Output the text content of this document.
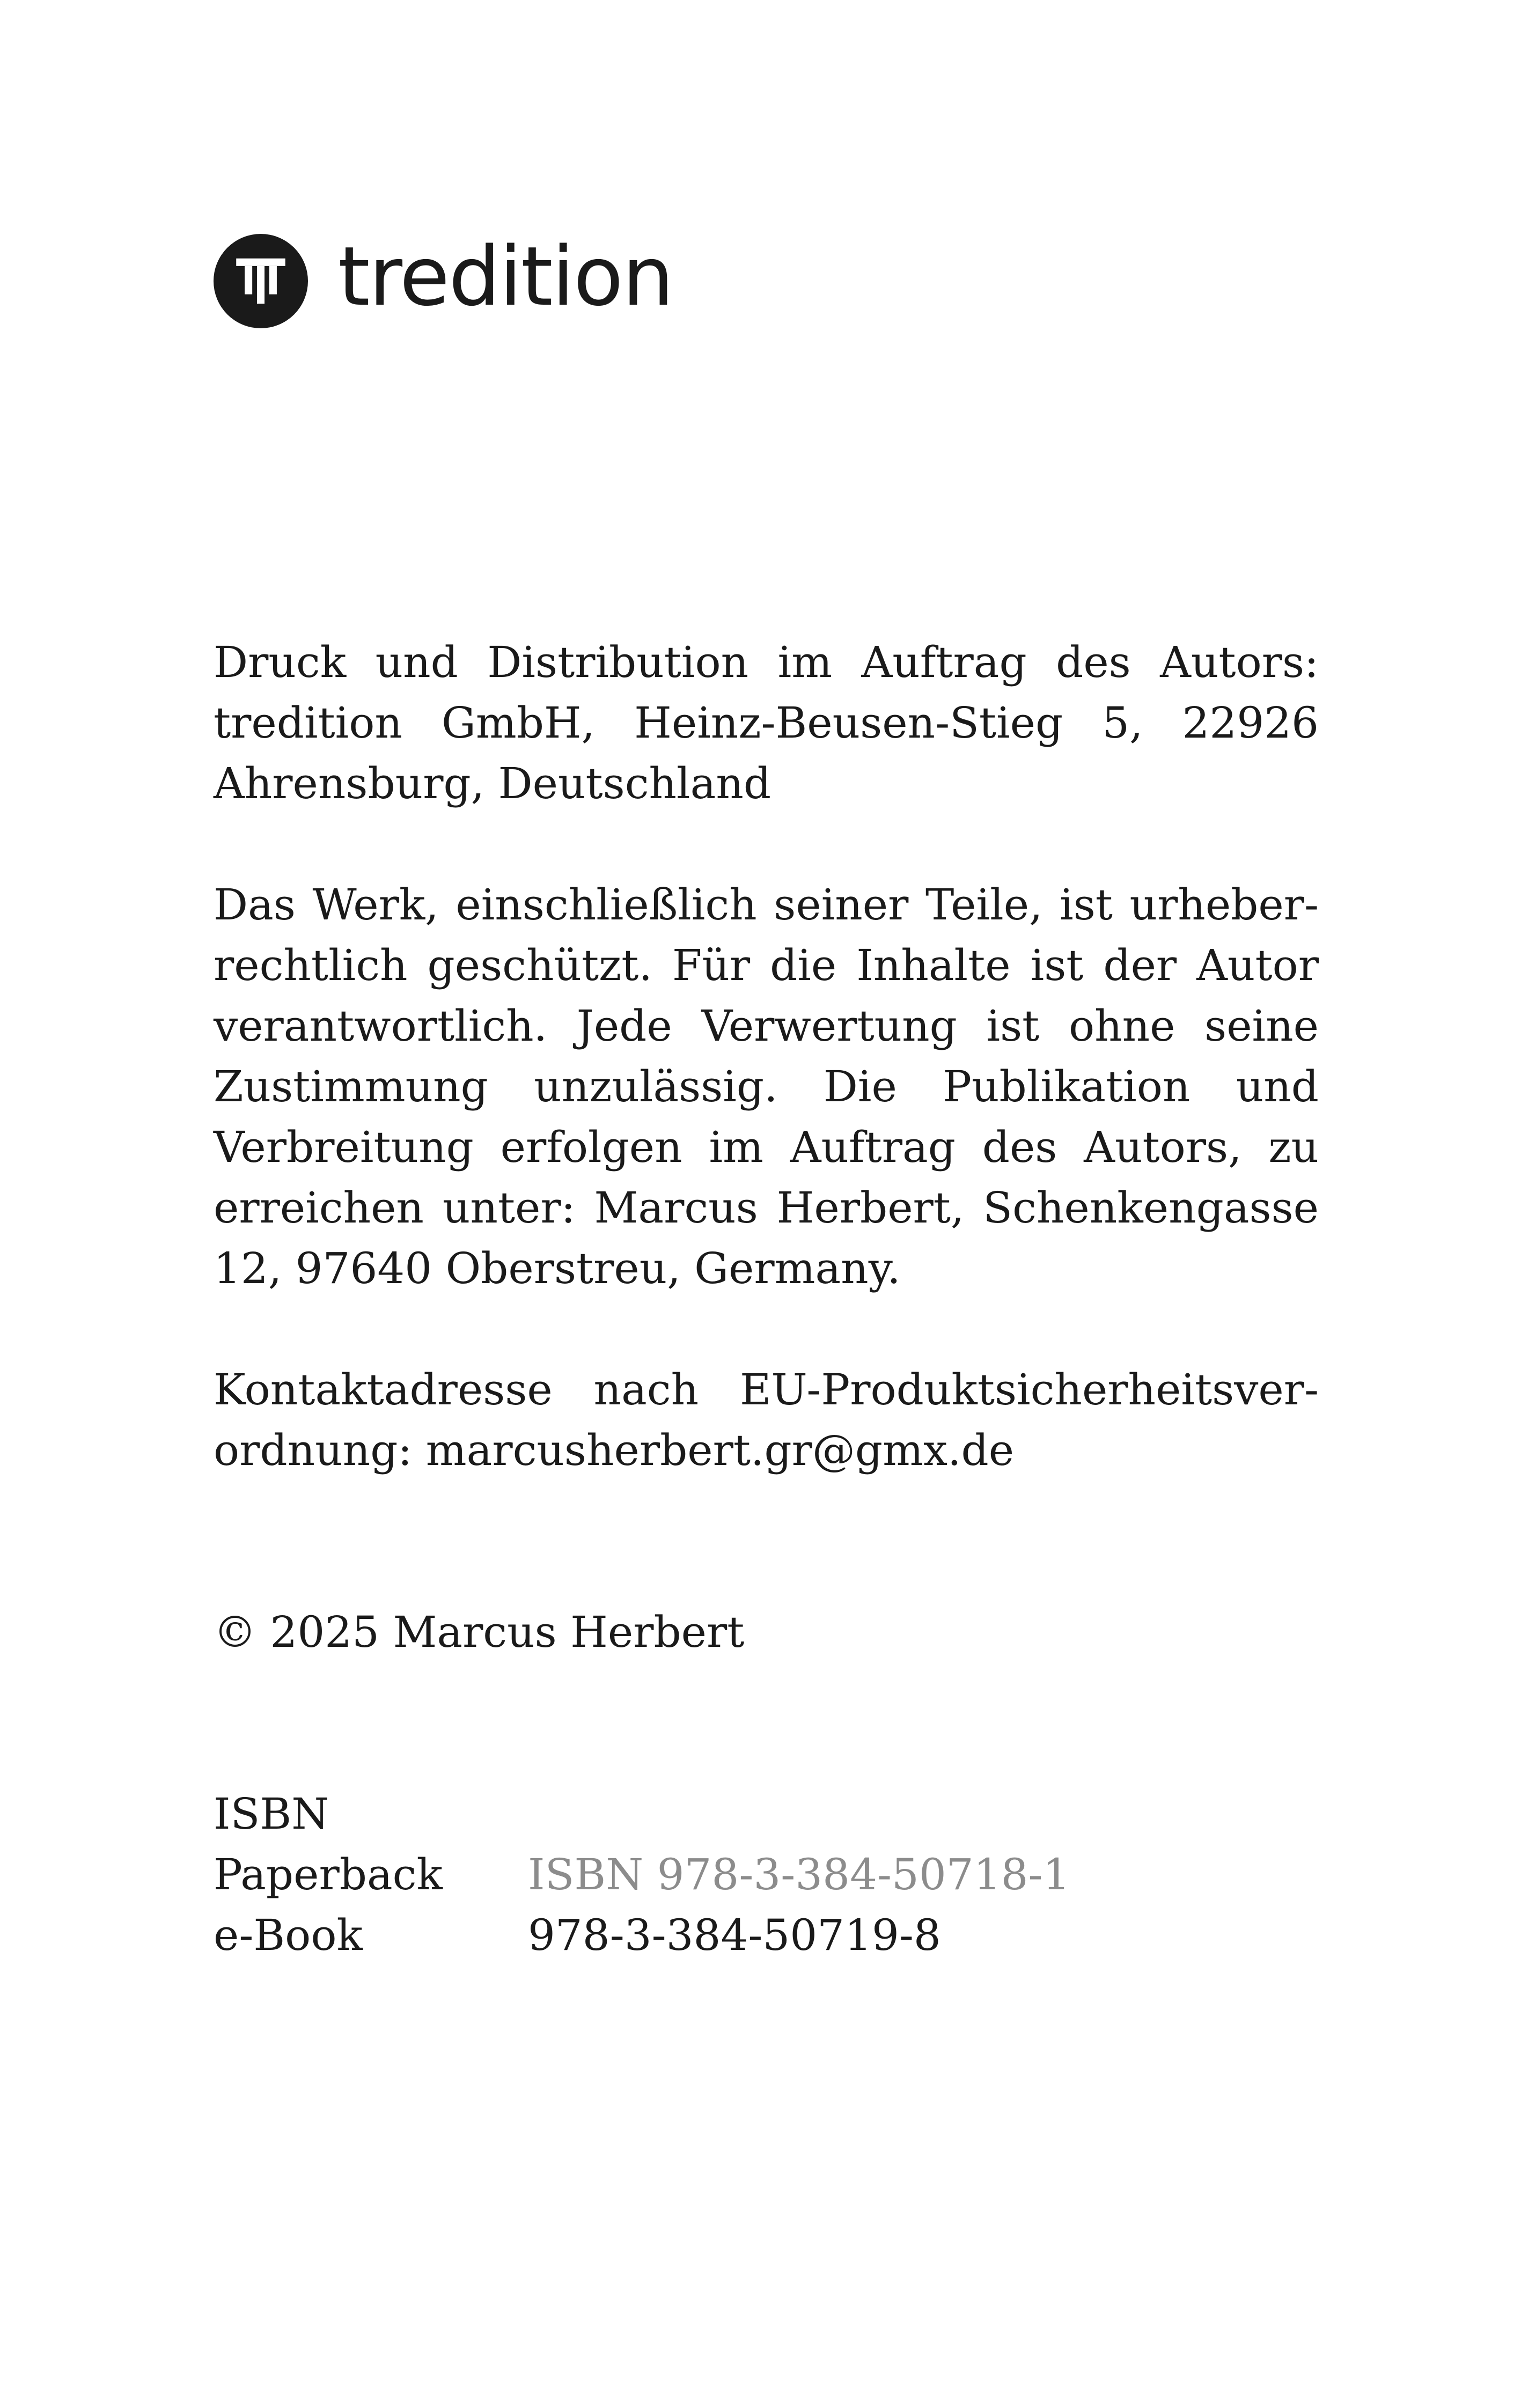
tredition

Druck und Distribution im Auftrag des Autors: tredition GmbH, Heinz-Beusen-Stieg 5, 22926 Ahrensburg, Deutschland

Das Werk, einschließlich seiner Teile, ist urheberrechtlich geschützt. Für die Inhalte ist der Autor verantwortlich. Jede Verwertung ist ohne seine Zustimmung unzulässig. Die Publikation und Verbreitung erfolgen im Auftrag des Autors, zu erreichen unter: Marcus Herbert, Schenkengasse 12, 97640 Oberstreu, Germany.

Kontaktadresse nach EU-Produktsicherheitsverordnung: marcusherbert.gr@gmx.de

© 2025 Marcus Herbert

ISBN

Paperback	ISBN 978-3-384-50718-1
e-Book	978-3-384-50719-8
